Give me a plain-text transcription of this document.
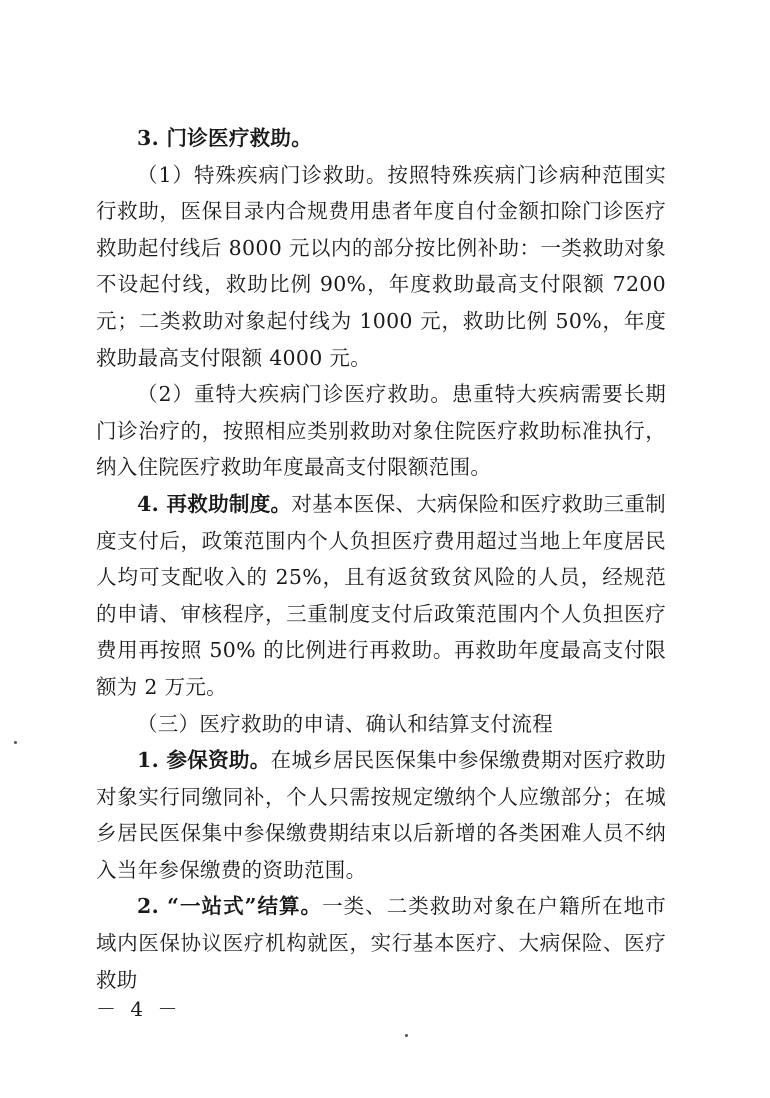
3. 门诊医疗救助。

（1）特殊疾病门诊救助。按照特殊疾病门诊病种范围实行救助，医保目录内合规费用患者年度自付金额扣除门诊医疗救助起付线后 8000 元以内的部分按比例补助：一类救助对象不设起付线，救助比例 90%，年度救助最高支付限额 7200 元；二类救助对象起付线为 1000 元，救助比例 50%，年度救助最高支付限额 4000 元。

（2）重特大疾病门诊医疗救助。患重特大疾病需要长期门诊治疗的，按照相应类别救助对象住院医疗救助标准执行，纳入住院医疗救助年度最高支付限额范围。

4. 再救助制度。对基本医保、大病保险和医疗救助三重制度支付后，政策范围内个人负担医疗费用超过当地上年度居民人均可支配收入的 25%，且有返贫致贫风险的人员，经规范的申请、审核程序，三重制度支付后政策范围内个人负担医疗费用再按照 50% 的比例进行再救助。再救助年度最高支付限额为 2 万元。

（三）医疗救助的申请、确认和结算支付流程

1. 参保资助。在城乡居民医保集中参保缴费期对医疗救助对象实行同缴同补，个人只需按规定缴纳个人应缴部分；在城乡居民医保集中参保缴费期结束以后新增的各类困难人员不纳入当年参保缴费的资助范围。

2. “一站式”结算。一类、二类救助对象在户籍所在地市域内医保协议医疗机构就医，实行基本医疗、大病保险、医疗救助

－ 4 －
